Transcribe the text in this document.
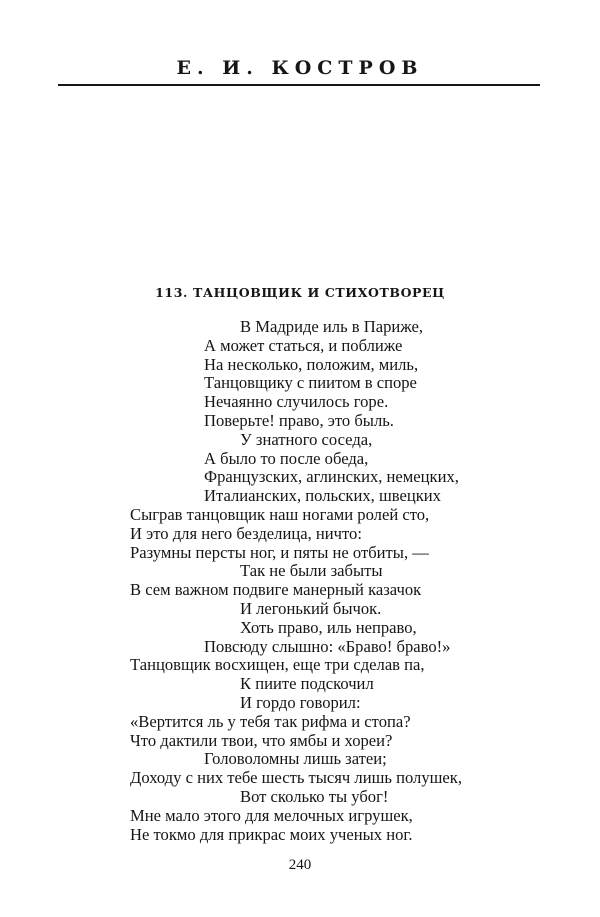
Е. И. КОСТРОВ
113. ТАНЦОВЩИК И СТИХОТВОРЕЦ
В Мадриде иль в Париже,
А может статься, и поближе
На несколько, положим, миль,
Танцовщику с пиитом в споре
Нечаянно случилось горе.
Поверьте! право, это быль.
У знатного соседа,
А было то после обеда,
Французских, аглинских, немецких,
Италианских, польских, швецких
Сыграв танцовщик наш ногами ролей сто,
И это для него безделица, ничто:
Разумны персты ног, и пяты не отбиты, —
Так не были забыты
В сем важном подвиге манерный казачок
И легонький бычок.
Хоть право, иль неправо,
Повсюду слышно: «Браво! браво!»
Танцовщик восхищен, еще три сделав па,
К пиите подскочил
И гордо говорил:
«Вертится ль у тебя так рифма и стопа?
Что дактили твои, что ямбы и хореи?
Головоломны лишь затеи;
Доходу с них тебе шесть тысяч лишь полушек,
Вот сколько ты убог!
Мне мало этого для мелочных игрушек,
Не токмо для прикрас моих ученых ног.
240
